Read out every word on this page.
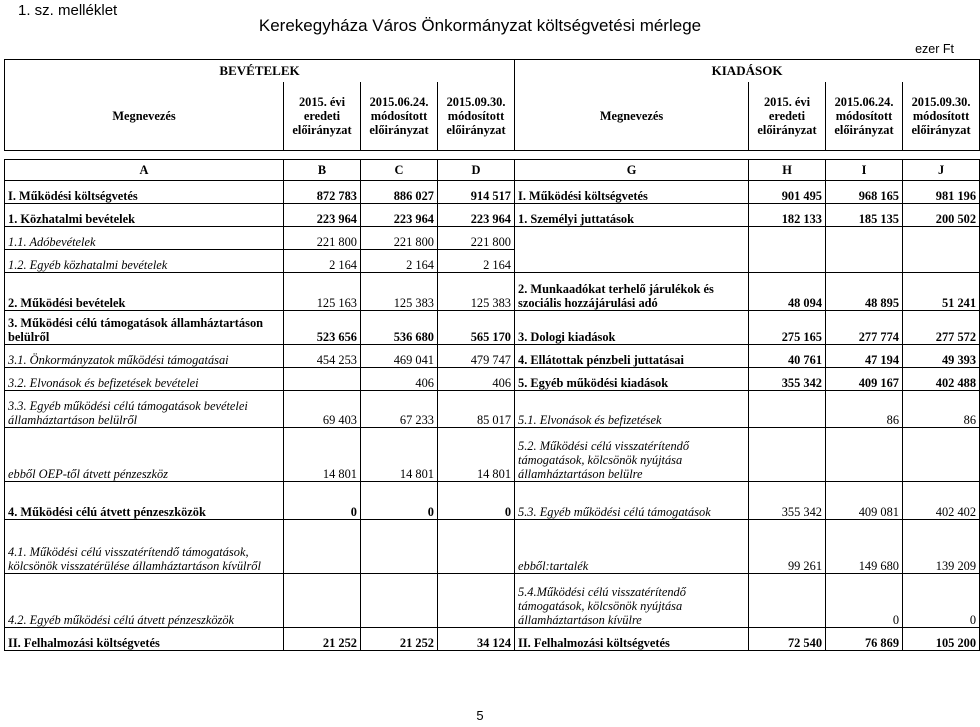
1. sz. melléklet
Kerekegyháza Város Önkormányzat költségvetési mérlege
ezer Ft
BEVÉTELEK				KIADÁSOK			
Megnevezés	2015. évi eredeti előirányzat	2015.06.24. módosított előirányzat	2015.09.30. módosított előirányzat	Megnevezés	2015. évi eredeti előirányzat	2015.06.24. módosított előirányzat	2015.09.30. módosított előirányzat

A	B	C	D	G	H	I	J
I. Működési költségvetés	872 783	886 027	914 517	I. Működési költségvetés	901 495	968 165	981 196
1. Közhatalmi bevételek	223 964	223 964	223 964	1. Személyi juttatások	182 133	185 135	200 502
1.1. Adóbevételek	221 800	221 800	221 800				
1.2. Egyéb közhatalmi bevételek	2 164	2 164	2 164				
2. Működési bevételek	125 163	125 383	125 383	2. Munkaadókat terhelő járulékok és szociális hozzájárulási adó	48 094	48 895	51 241
3. Működési célú támogatások államháztartáson belülről	523 656	536 680	565 170	3. Dologi kiadások	275 165	277 774	277 572
3.1. Önkormányzatok működési támogatásai	454 253	469 041	479 747	4. Ellátottak pénzbeli juttatásai	40 761	47 194	49 393
3.2. Elvonások és befizetések bevételei		406	406	5. Egyéb működési kiadások	355 342	409 167	402 488
3.3. Egyéb működési célú támogatások bevételei államháztartáson belülről	69 403	67 233	85 017	5.1. Elvonások és befizetések		86	86
ebből OEP-től átvett pénzeszköz	14 801	14 801	14 801	5.2. Működési célú visszatérítendő támogatások, kölcsönök nyújtása államháztartáson belülre			
4. Működési célú átvett pénzeszközök	0	0	0	5.3. Egyéb működési célú támogatások	355 342	409 081	402 402
4.1. Működési célú visszatérítendő támogatások, kölcsönök visszatérülése államháztartáson kívülről				ebből:tartalék	99 261	149 680	139 209
4.2. Egyéb működési célú átvett pénzeszközök				5.4.Működési célú visszatérítendő támogatások, kölcsönök nyújtása államháztartáson kívülre		0	0
II. Felhalmozási költségvetés	21 252	21 252	34 124	II. Felhalmozási költségvetés	72 540	76 869	105 200
5
